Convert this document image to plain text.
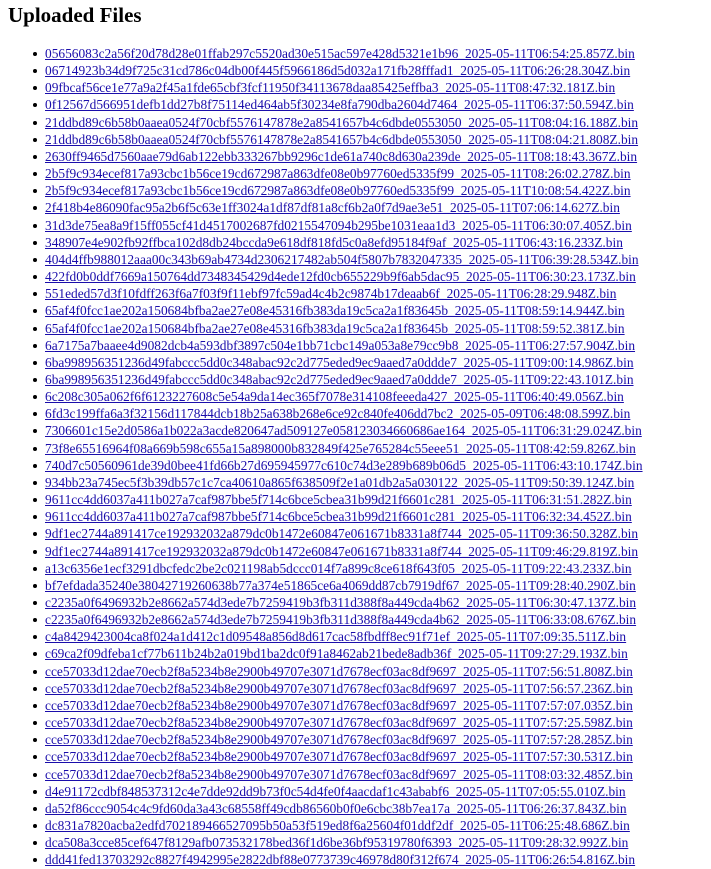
Uploaded Files
05656083c2a56f20d78d28e01ffab297c5520ad30e515ac597e428d5321e1b96_2025-05-11T06:54:25.857Z.bin
06714923b34d9f725c31cd786c04db00f445f5966186d5d032a171fb28fffad1_2025-05-11T06:26:28.304Z.bin
09fbcaf56ce1e77a9a2f45a1fde65cbf3fcf11950f34113678daa85425effba3_2025-05-11T08:47:32.181Z.bin
0f12567d566951defb1dd27b8f75114ed464ab5f30234e8fa790dba2604d7464_2025-05-11T06:37:50.594Z.bin
21ddbd89c6b58b0aaea0524f70cbf5576147878e2a8541657b4c6dbde0553050_2025-05-11T08:04:16.188Z.bin
21ddbd89c6b58b0aaea0524f70cbf5576147878e2a8541657b4c6dbde0553050_2025-05-11T08:04:21.808Z.bin
2630ff9465d7560aae79d6ab122ebb333267bb9296c1de61a740c8d630a239de_2025-05-11T08:18:43.367Z.bin
2b5f9c934ecef817a93cbc1b56ce19cd672987a863dfe08e0b97760ed5335f99_2025-05-11T08:26:02.278Z.bin
2b5f9c934ecef817a93cbc1b56ce19cd672987a863dfe08e0b97760ed5335f99_2025-05-11T10:08:54.422Z.bin
2f418b4e86090fac95a2b6f5c63e1ff3024a1df87df81a8cf6b2a0f7d9ae3e51_2025-05-11T07:06:14.627Z.bin
31d3de75ea8a9f15ff055cf41d4517002687fd0215547094b295be1031eaa1d3_2025-05-11T06:30:07.405Z.bin
348907e4e902fb92ffbca102d8db24bccda9e618df818fd5c0a8efd95184f9af_2025-05-11T06:43:16.233Z.bin
404d4ffb988012aaa00c343b69ab4734d2306217482ab504f5807b7832047335_2025-05-11T06:39:28.534Z.bin
422fd0b0ddf7669a150764dd7348345429d4ede12fd0cb655229b9f6ab5dac95_2025-05-11T06:30:23.173Z.bin
551eded57d3f10fdff263f6a7f03f9f11ebf97fc59ad4c4b2c9874b17deaab6f_2025-05-11T06:28:29.948Z.bin
65af4f0fcc1ae202a150684bfba2ae27e08e45316fb383da19c5ca2a1f83645b_2025-05-11T08:59:14.944Z.bin
65af4f0fcc1ae202a150684bfba2ae27e08e45316fb383da19c5ca2a1f83645b_2025-05-11T08:59:52.381Z.bin
6a7175a7baaee4d9082dcb4a593dbf3897c504e1bb71cbc149a053a8e79cc9b8_2025-05-11T06:27:57.904Z.bin
6ba998956351236d49fabccc5dd0c348abac92c2d775eded9ec9aaed7a0ddde7_2025-05-11T09:00:14.986Z.bin
6ba998956351236d49fabccc5dd0c348abac92c2d775eded9ec9aaed7a0ddde7_2025-05-11T09:22:43.101Z.bin
6c208c305a062f6f6123227608c5e54a9da14ec365f7078e314108feeeda427_2025-05-11T06:40:49.056Z.bin
6fd3c199ffa6a3f32156d117844dcb18b25a638b268e6ce92c840fe406dd7bc2_2025-05-09T06:48:08.599Z.bin
7306601c15e2d0586a1b022a3acde820647ad509127e058123034660686ae164_2025-05-11T06:31:29.024Z.bin
73f8e65516964f08a669b598c655a15a898000b832849f425e765284c55eee51_2025-05-11T08:42:59.826Z.bin
740d7c50560961de39d0bee41fd66b27d695945977c610c74d3e289b689b06d5_2025-05-11T06:43:10.174Z.bin
934bb23a745ec5f3b39db57c1c7ca40610a865f638509f2e1a01db2a5a030122_2025-05-11T09:50:39.124Z.bin
9611cc4dd6037a411b027a7caf987bbe5f714c6bce5cbea31b99d21f6601c281_2025-05-11T06:31:51.282Z.bin
9611cc4dd6037a411b027a7caf987bbe5f714c6bce5cbea31b99d21f6601c281_2025-05-11T06:32:34.452Z.bin
9df1ec2744a891417ce192932032a879dc0b1472e60847e061671b8331a8f744_2025-05-11T09:36:50.328Z.bin
9df1ec2744a891417ce192932032a879dc0b1472e60847e061671b8331a8f744_2025-05-11T09:46:29.819Z.bin
a13c6356e1ecf3291dbcfedc2be2c021198ab5dccc014f7a899c8ce618f643f05_2025-05-11T09:22:43.233Z.bin
bf7efdada35240e38042719260638b77a374e51865ce6a4069dd87cb7919df67_2025-05-11T09:28:40.290Z.bin
c2235a0f6496932b2e8662a574d3ede7b7259419b3fb311d388f8a449cda4b62_2025-05-11T06:30:47.137Z.bin
c2235a0f6496932b2e8662a574d3ede7b7259419b3fb311d388f8a449cda4b62_2025-05-11T06:33:08.676Z.bin
c4a8429423004ca8f024a1d412c1d09548a856d8d617cac58fbdff8ec91f71ef_2025-05-11T07:09:35.511Z.bin
c69ca2f09dfeba1cf77b611b24b2a019bd1ba2dc0f91a8462ab21bede8adb36f_2025-05-11T09:27:29.193Z.bin
cce57033d12dae70ecb2f8a5234b8e2900b49707e3071d7678ecf03ac8df9697_2025-05-11T07:56:51.808Z.bin
cce57033d12dae70ecb2f8a5234b8e2900b49707e3071d7678ecf03ac8df9697_2025-05-11T07:56:57.236Z.bin
cce57033d12dae70ecb2f8a5234b8e2900b49707e3071d7678ecf03ac8df9697_2025-05-11T07:57:07.035Z.bin
cce57033d12dae70ecb2f8a5234b8e2900b49707e3071d7678ecf03ac8df9697_2025-05-11T07:57:25.598Z.bin
cce57033d12dae70ecb2f8a5234b8e2900b49707e3071d7678ecf03ac8df9697_2025-05-11T07:57:28.285Z.bin
cce57033d12dae70ecb2f8a5234b8e2900b49707e3071d7678ecf03ac8df9697_2025-05-11T07:57:30.531Z.bin
cce57033d12dae70ecb2f8a5234b8e2900b49707e3071d7678ecf03ac8df9697_2025-05-11T08:03:32.485Z.bin
d4e91172cdbf848537312c4e7dde92dd9b73f0c54d4fe0f4aacdaf1c43ababf6_2025-05-11T07:05:55.010Z.bin
da52f86ccc9054c4c9fd60da3a43c68558ff49cdb86560b0f0e6cbc38b7ea17a_2025-05-11T06:26:37.843Z.bin
dc831a7820acba2edfd702189466527095b50a53f519ed8f6a25604f01ddf2df_2025-05-11T06:25:48.686Z.bin
dca508a3cce85cef647f8129afb073532178bed36f1d6be36bf95319780f6393_2025-05-11T09:28:32.992Z.bin
ddd41fed13703292c8827f4942995e2822dbf88e0773739c46978d80f312f674_2025-05-11T06:26:54.816Z.bin
